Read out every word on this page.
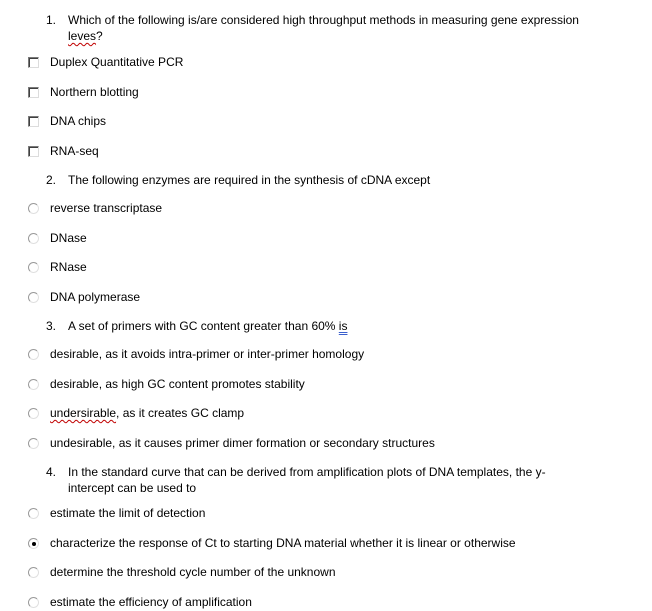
1. Which of the following is/are considered high throughput methods in measuring gene expression leves?
Duplex Quantitative PCR
Northern blotting
DNA chips
RNA-seq
2. The following enzymes are required in the synthesis of cDNA except
reverse transcriptase
DNase
RNase
DNA polymerase
3. A set of primers with GC content greater than 60% is
desirable, as it avoids intra-primer or inter-primer homology
desirable, as high GC content promotes stability
undersirable, as it creates GC clamp
undesirable, as it causes primer dimer formation or secondary structures
4. In the standard curve that can be derived from amplification plots of DNA templates, the y-intercept can be used to
estimate the limit of detection
characterize the response of Ct to starting DNA material whether it is linear or otherwise
determine the threshold cycle number of the unknown
estimate the efficiency of amplification
